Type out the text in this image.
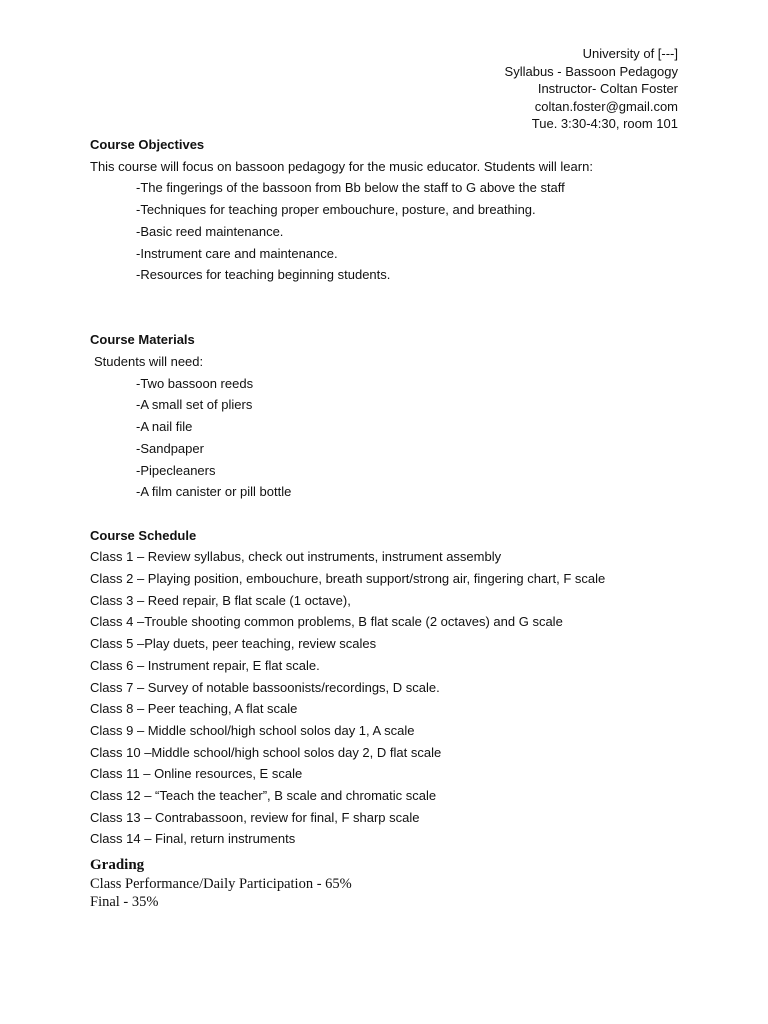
University of [---]
Syllabus - Bassoon Pedagogy
Instructor- Coltan Foster
coltan.foster@gmail.com
Tue. 3:30-4:30, room 101
Course Objectives
This course will focus on bassoon pedagogy for the music educator. Students will learn:
-The fingerings of the bassoon from Bb below the staff to G above the staff
-Techniques for teaching proper embouchure, posture, and breathing.
-Basic reed maintenance.
-Instrument care and maintenance.
-Resources for teaching beginning students.
Course Materials
Students will need:
-Two bassoon reeds
-A small set of pliers
-A nail file
-Sandpaper
-Pipecleaners
-A film canister or pill bottle
Course Schedule
Class 1 – Review syllabus, check out instruments, instrument assembly
Class 2 – Playing position, embouchure, breath support/strong air, fingering chart, F scale
Class 3 – Reed repair, B flat scale (1 octave),
Class 4 –Trouble shooting common problems, B flat scale (2 octaves) and G scale
Class 5 –Play duets, peer teaching, review scales
Class 6 – Instrument repair, E flat scale.
Class 7 – Survey of notable bassoonists/recordings, D scale.
Class 8 – Peer teaching, A flat scale
Class 9 – Middle school/high school solos day 1, A scale
Class 10 –Middle school/high school solos day 2, D flat scale
Class 11 – Online resources, E scale
Class 12 – “Teach the teacher”, B scale and chromatic scale
Class 13 – Contrabassoon, review for final, F sharp scale
Class 14 – Final, return instruments
Grading
Class Performance/Daily Participation - 65%
Final - 35%
